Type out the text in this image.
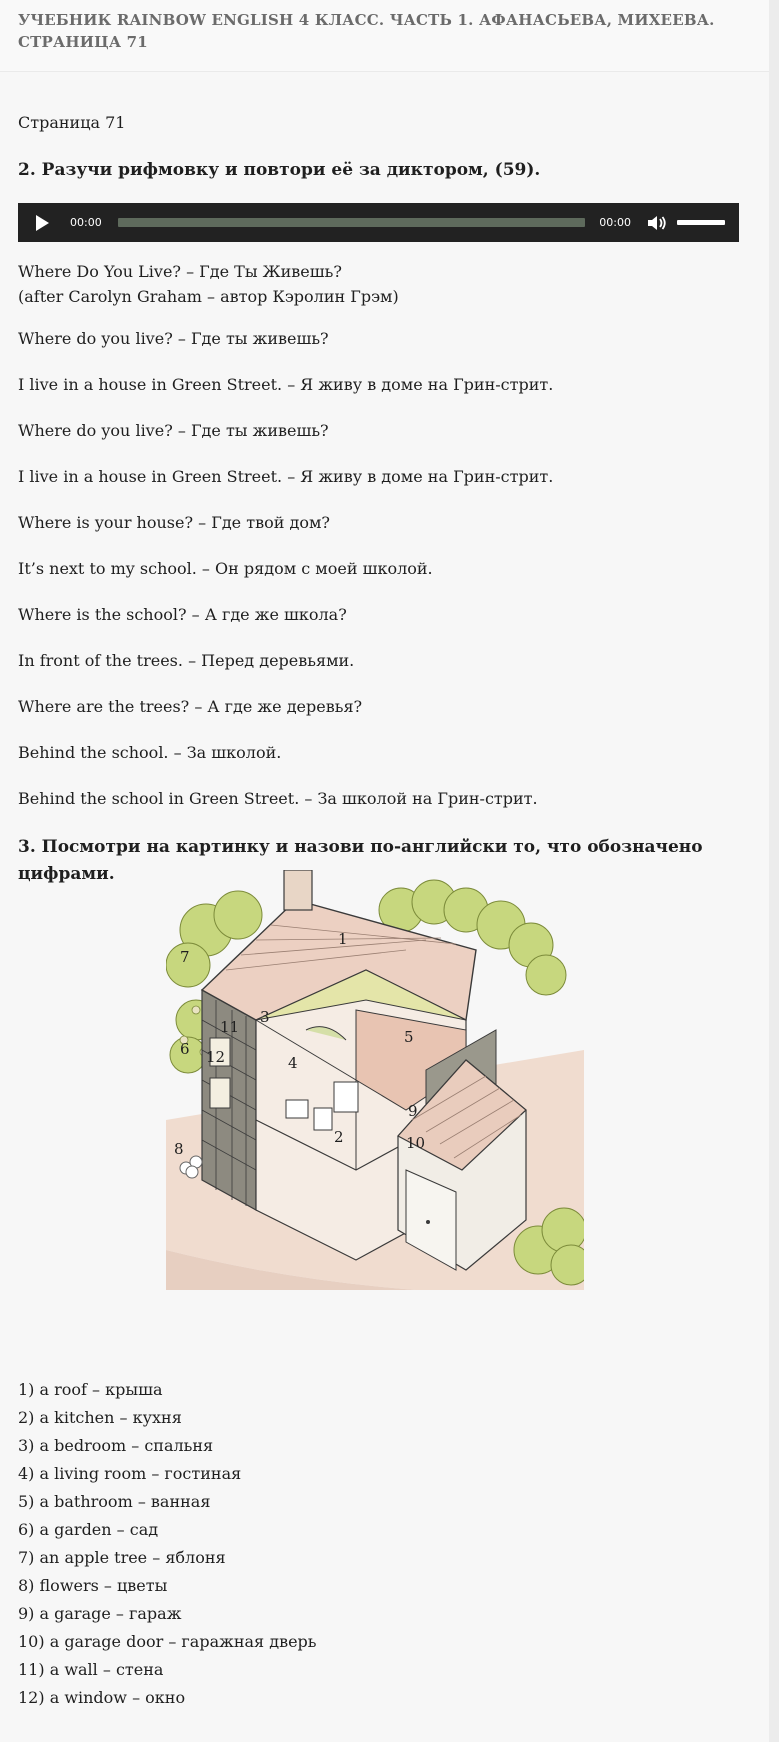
УЧЕБНИК RAINBOW ENGLISH 4 КЛАСС. ЧАСТЬ 1. АФАНАСЬЕВА, МИХЕЕВА.
СТРАНИЦА 71
Страница 71
2. Разучи рифмовку и повтори её за диктором, (59).
00:00	00:00
Where Do You Live? – Где Ты Живешь?
(after Carolyn Graham – автор Кэролин Грэм)
Where do you live? – Где ты живешь?
I live in a house in Green Street. – Я живу в доме на Грин-стрит.
Where do you live? – Где ты живешь?
I live in a house in Green Street. – Я живу в доме на Грин-стрит.
Where is your house? – Где твой дом?
It’s next to my school. – Он рядом с моей школой.
Where is the school? – А где же школа?
In front of the trees. – Перед деревьями.
Where are the trees? – А где же деревья?
Behind the school. – За школой.
Behind the school in Green Street. – За школой на Грин-стрит.
3. Посмотри на картинку и назови по-английски то, что обозначено
цифрами.
1) a roof – крыша
2) a kitchen – кухня
3) a bedroom – спальня
4) a living room – гостиная
5) a bathroom – ванная
6) a garden – сад
7) an apple tree – яблоня
8) flowers – цветы
9) a garage – гараж
10) a garage door – гаражная дверь
11) a wall – стена
12) a window – окно
1
2
3
4
5
6
7
8
9
10
11
12
